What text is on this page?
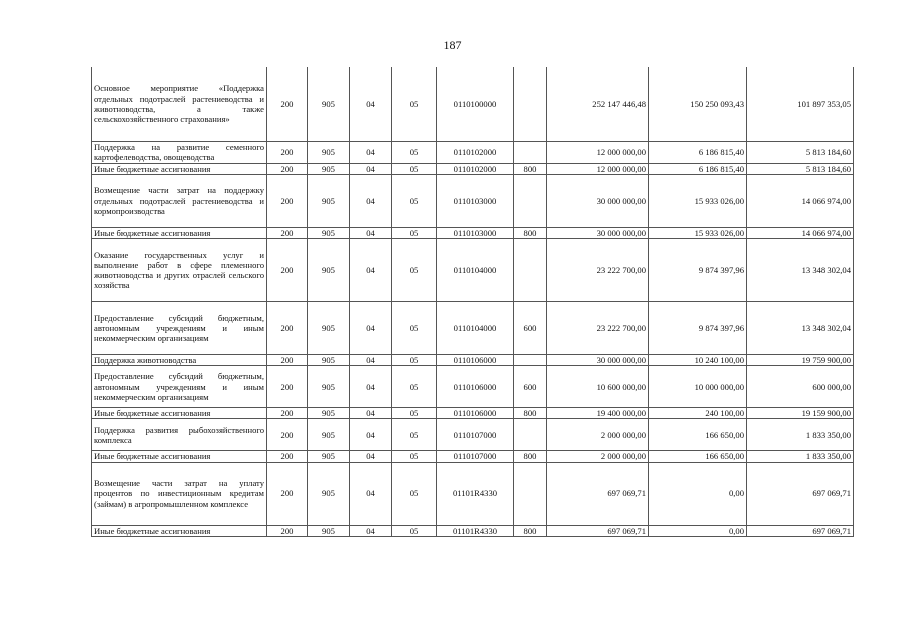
187
Основное мероприятие «Поддержка отдельных подотраслей растениеводства и животноводства, а также сельскохозяйственного страхования»	200	905	04	05	0110100000		252 147 446,48	150 250 093,43	101 897 353,05
Поддержка на развитие семенного картофелеводства, овощеводства	200	905	04	05	0110102000		12 000 000,00	6 186 815,40	5 813 184,60
Иные бюджетные ассигнования	200	905	04	05	0110102000	800	12 000 000,00	6 186 815,40	5 813 184,60
Возмещение части затрат на поддержку отдельных подотраслей растениеводства и кормопроизводства	200	905	04	05	0110103000		30 000 000,00	15 933 026,00	14 066 974,00
Иные бюджетные ассигнования	200	905	04	05	0110103000	800	30 000 000,00	15 933 026,00	14 066 974,00
Оказание государственных услуг и выполнение работ в сфере племенного животноводства и других отраслей сельского хозяйства	200	905	04	05	0110104000		23 222 700,00	9 874 397,96	13 348 302,04
Предоставление субсидий бюджетным, автономным учреждениям и иным некоммерческим организациям	200	905	04	05	0110104000	600	23 222 700,00	9 874 397,96	13 348 302,04
Поддержка животноводства	200	905	04	05	0110106000		30 000 000,00	10 240 100,00	19 759 900,00
Предоставление субсидий бюджетным, автономным учреждениям и иным некоммерческим организациям	200	905	04	05	0110106000	600	10 600 000,00	10 000 000,00	600 000,00
Иные бюджетные ассигнования	200	905	04	05	0110106000	800	19 400 000,00	240 100,00	19 159 900,00
Поддержка развития рыбохозяйственного комплекса	200	905	04	05	0110107000		2 000 000,00	166 650,00	1 833 350,00
Иные бюджетные ассигнования	200	905	04	05	0110107000	800	2 000 000,00	166 650,00	1 833 350,00
Возмещение части затрат на уплату процентов по инвестиционным кредитам (займам) в агропромышленном комплексе	200	905	04	05	01101R4330		697 069,71	0,00	697 069,71
Иные бюджетные ассигнования	200	905	04	05	01101R4330	800	697 069,71	0,00	697 069,71
